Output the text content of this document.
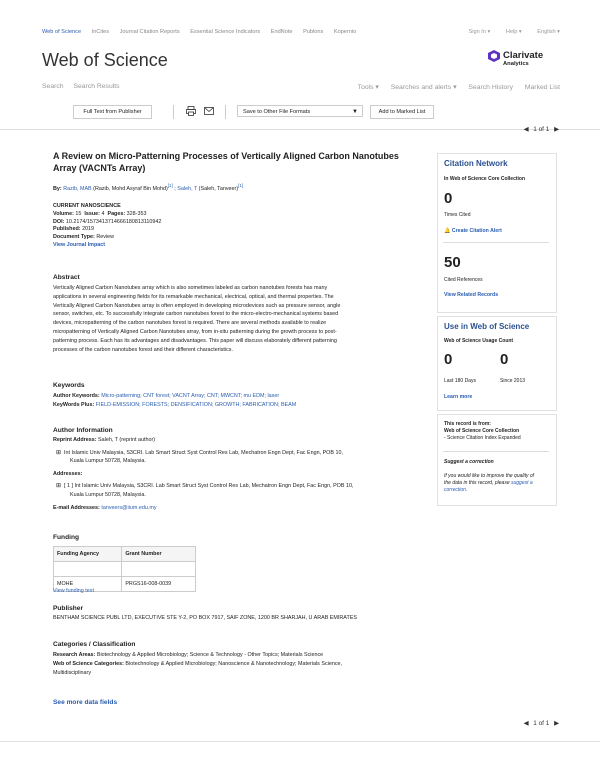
Web of Science InCites Journal Citation Reports Essential Science Indicators EndNote Publons Kopernio	Sign In ▾	Help ▾	English ▾
Web of Science	Clarivate
Analytics
Search Search Results	Tools ▾ Searches and alerts ▾ Search History Marked List
Full Text from Publisher	Save to Other File Formats	▼	Add to Marked List
◀ 1 of 1 ▶

A Review on Micro-Patterning Processes of Vertically Aligned Carbon Nanotubes Array (VACNTs Array)

By: Razib, MAB (Razib, Mohd Asyraf Bin Mohd)[1] ; Saleh, T (Saleh, Tanveer)[1]
CURRENT NANOSCIENCE
Volume: 15 Issue: 4 Pages: 328-353
DOI: 10.2174/1573413714666180813110942
Published: 2019
Document Type: Review
View Journal Impact

Abstract

Vertically Aligned Carbon Nanotubes array which is also sometimes labeled as carbon nanotubes forests has many
applications in several engineering fields for its remarkable mechanical, electrical, optical, and thermal properties. The
Vertically Aligned Carbon Nanotubes array is often employed in developing microdevices such as pressure sensor, angle
sensor, switches, etc. To successfully integrate carbon nanotubes forest to the micro-electro-mechanical systems based
devices, micropatterning of the carbon nanotubes forest is required. There are several methods available to realize
micropatterning of Vertically Aligned Carbon Nanotubes array, from in-situ patterning during the growth process to post-
patterning process. Each has its advantages and disadvantages. This paper will discuss elaborately different patterning
processes of the carbon nanotubes forest and their different characteristics.

Keywords

Author Keywords: Micro-patterning; CNT forest; VACNT Array; CNT; MWCNT; mu EDM; laser
KeyWords Plus: FIELD-EMISSION; FORESTS; DENSIFICATION; GROWTH; FABRICATION; BEAM

Author Information

Reprint Address: Saleh, T (reprint author)
⊞ Int Islamic Univ Malaysia, S3CRI. Lab Smart Struct Syst Control Res Lab, Mechatron Engn Dept, Fac Engn, POB 10,
Kuala Lumpur 50728, Malaysia.
Addresses:
⊞ [ 1 ] Int Islamic Univ Malaysia, S3CRI. Lab Smart Struct Syst Control Res Lab, Mechatron Engn Dept, Fac Engn, POB 10,
Kuala Lumpur 50728, Malaysia.
E-mail Addresses: tanveers@iium.edu.my

Funding

Funding Agency	Grant Number

MOHE	PRGS16-008-0039
View funding text

Publisher

BENTHAM SCIENCE PUBL LTD, EXECUTIVE STE Y-2, PO BOX 7917, SAIF ZONE, 1200 BR SHARJAH, U ARAB EMIRATES

Categories / Classification

Research Areas: Biotechnology & Applied Microbiology; Science & Technology - Other Topics; Materials Science
Web of Science Categories: Biotechnology & Applied Microbiology; Nanoscience & Nanotechnology; Materials Science,
Multidisciplinary
See more data fields
◀ 1 of 1 ▶
Citation Network
In Web of Science Core Collection
0
Times Cited
🔔 Create Citation Alert
50
Cited References
View Related Records
Use in Web of Science
Web of Science Usage Count
0	0
Last 180 Days	Since 2013
Learn more
This record is from:
Web of Science Core Collection
- Science Citation Index Expanded
Suggest a correction
If you would like to improve the quality of
the data in this record, please suggest a
correction.
